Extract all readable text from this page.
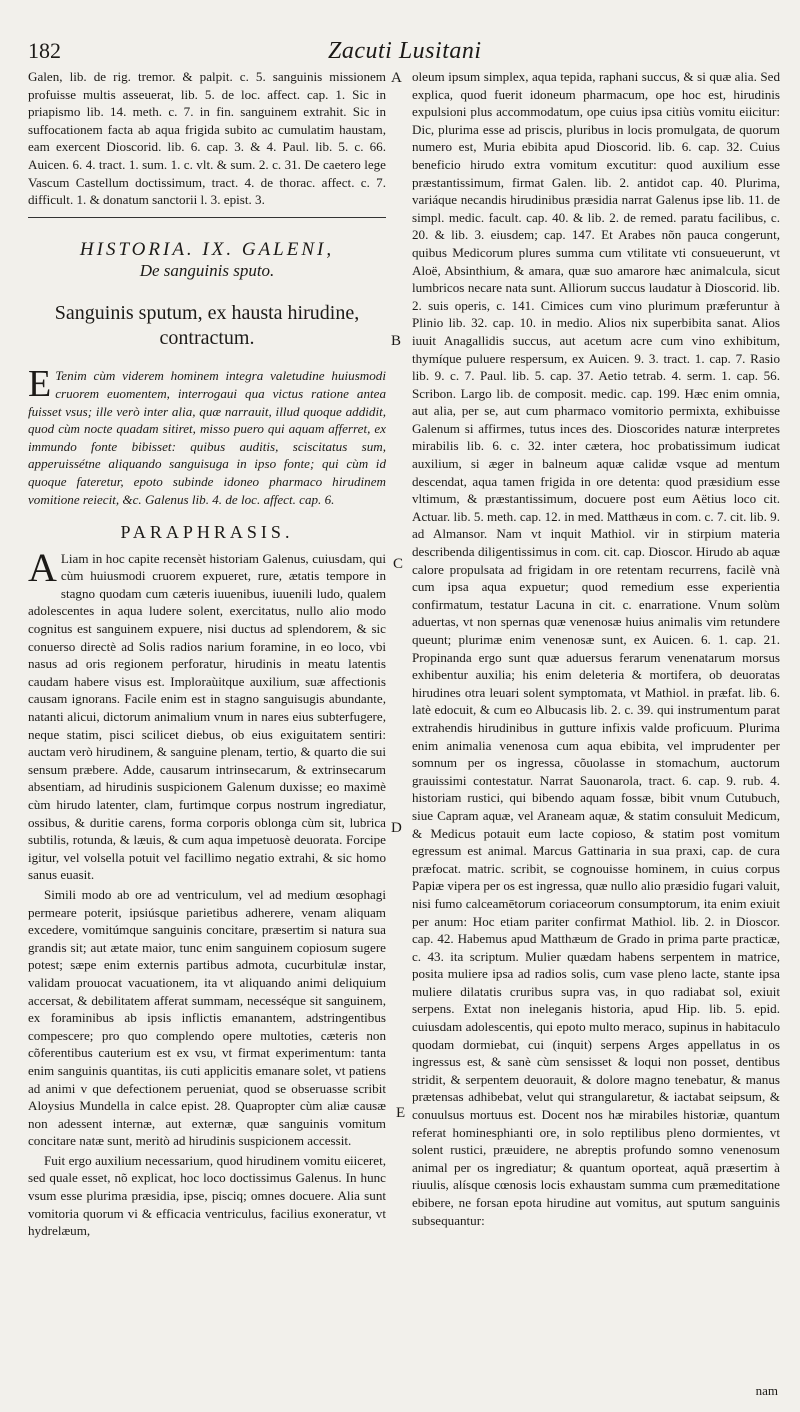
182	Zacuti Lusitani

Galen, lib. de rig. tremor. & palpit. c. 5. sanguinis missionem profuisse multis asseuerat, lib. 5. de loc. affect. cap. 1. Sic in priapismo lib. 14. meth. c. 7. in fin. sanguinem extrahit. Sic in suffocationem facta ab aqua frigida subito ac cumulatim haustam, eam exercent Dioscorid. lib. 6. cap. 3. & 4. Paul. lib. 5. c. 66. Auicen. 6. 4. tract. 1. sum. 1. c. vlt. & sum. 2. c. 31. De caetero lege Vascum Castellum doctissimum, tract. 4. de thorac. affect. c. 7. difficult. 1. & donatum sanctorii l. 3. epist. 3.

HISTORIA. IX. GALENI,
De sanguinis sputo.
Sanguinis sputum, ex hausta hirudine, contractum.

E Tenim cùm viderem hominem integra valetudine huiusmodi cruorem euomentem, interrogaui qua victus ratione antea fuisset vsus; ille verò inter alia, quæ narrauit, illud quoque addidit, quod cùm nocte quadam sitiret, misso puero qui aquam afferret, ex immundo fonte bibisset: quibus auditis, sciscitatus sum, apperuissétne aliquando sanguisuga in ipso fonte; qui cùm id quoque fateretur, epoto subinde idoneo pharmaco hirudinem vomitione reiecit, &c. Galenus lib. 4. de loc. affect. cap. 6.

PARAPHRASIS.

A Liam in hoc capite recensèt historiam Galenus, cuiusdam, qui cùm huiusmodi cruorem expueret, rure, ætatis tempore in stagno quodam cum cæteris iuuenibus, iuuenili ludo, qualem adolescentes in aqua ludere solent, exercitatus, nullo alio modo cognitus est sanguinem expuere, nisi ductus ad splendorem, & sic conuerso directè ad Solis radios narium foramine, in eo loco, vbi nasus ad oris regionem perforatur, hirudinis in meatu latentis caudam habere visus est. Imploraùitque auxilium, suæ affectionis causam ignorans. Facile enim est in stagno sanguisugis abundante, natanti alicui, dictorum animalium vnum in nares eius subterfugere, neque statim, pisci scilicet diebus, ob eius exiguitatem sentiri: auctam verò hirudinem, & sanguine plenam, tertio, & quarto die sui sensum præbere. Adde, causarum intrinsecarum, & extrinsecarum absentiam, ad hirudinis suspicionem Galenum duxisse; eo maximè cùm hirudo latenter, clam, furtimque corpus nostrum ingrediatur, ossibus, & duritie carens, forma corporis oblonga cùm sit, lubrica subtilis, rotunda, & læuis, & cum aqua impetuosè deuorata. Forcipe igitur, vel volsella potuit vel facillimo negatio extrahi, & sic homo sanus euasit.

Simili modo ab ore ad ventriculum, vel ad medium œsophagi permeare poterit, ipsiúsque parietibus adherere, venam aliquam excedere, vomitúmque sanguinis concitare, præsertim si natura sua grandis sit; aut ætate maior, tunc enim sanguinem copiosum sugere potest; sæpe enim externis partibus admota, cucurbitulæ instar, validam prouocat vacuationem, ita vt aliquando animi deliquium accersat, & debilitatem afferat summam, necesséque sit sanguinem, ex foraminibus ab ipsis inflictis emanantem, adstringentibus compescere; pro quo complendo opere multoties, cæteris non cõferentibus cauterium est ex vsu, vt firmat experimentum: tanta enim sanguinis quantitas, iis cuti applicitis emanare solet, vt patiens ad animi v que defectionem perueniat, quod se obseruasse scribit Aloysius Mundella in calce epist. 28. Quapropter cùm aliæ causæ non adessent internæ, aut externæ, quæ sanguinis vomitum concitare natæ sunt, meritò ad hirudinis suspicionem accessit.

Fuit ergo auxilium necessarium, quod hirudinem vomitu eiiceret, sed quale esset, nõ explicat, hoc loco doctissimus Galenus. In hunc vsum esse plurima præsidia, ipse, pisciq; omnes docuere. Alia sunt vomitoria quorum vi & efficacia ventriculus, facilius exoneratur, vt hydrelæum,

A
B
C
D
E

oleum ipsum simplex, aqua tepida, raphani succus, & si quæ alia. Sed explica, quod fuerit idoneum pharmacum, ope hoc est, hirudinis expulsioni plus accommodatum, ope cuius ipsa citiùs vomitu eiicitur: Dic, plurima esse ad priscis, pluribus in locis promulgata, de quorum numero est, Muria ebibita apud Dioscorid. lib. 6. cap. 32. Cuius beneficio hirudo extra vomitum excutitur: quod auxilium esse præstantissimum, firmat Galen. lib. 2. antidot cap. 40. Plurima, variáque necandis hirudinibus præsidia narrat Galenus ipse lib. 11. de simpl. medic. facult. cap. 40. & lib. 2. de remed. paratu facilibus, c. 20. & lib. 3. eiusdem; cap. 147. Et Arabes nõn pauca congerunt, quibus Medicorum plures summa cum vtilitate vti consueuerunt, vt Aloë, Absinthium, & amara, quæ suo amarore hæc animalcula, sicut lumbricos necare nata sunt. Alliorum succus laudatur à Dioscorid. lib. 2. suis operis, c. 141. Cimices cum vino plurimum præferuntur à Plinio lib. 32. cap. 10. in medio. Alios nix superbibita sanat. Alios iuuit Anagallidis succus, aut acetum acre cum vino exhibitum, thymíque puluere respersum, ex Auicen. 9. 3. tract. 1. cap. 7. Rasio lib. 9. c. 7. Paul. lib. 5. cap. 37. Aetio tetrab. 4. serm. 1. cap. 56. Scribon. Largo lib. de composit. medic. cap. 199. Hæc enim omnia, aut alia, per se, aut cum pharmaco vomitorio permixta, exhibuisse Galenum si affirmes, tutus inces des. Dioscorides naturæ interpretes mirabilis lib. 6. c. 32. inter cætera, hoc probatissimum iudicat auxilium, si æger in balneum aquæ calidæ vsque ad mentum descendat, aqua tamen frigida in ore detenta: quod præsidium esse vltimum, & præstantissimum, docuere post eum Aëtius loco cit. Actuar. lib. 5. meth. cap. 12. in med. Matthæus in com. c. 7. cit. lib. 9. ad Almansor. Nam vt inquit Mathiol. vir in stirpium materia describenda diligentissimus in com. cit. cap. Dioscor. Hirudo ab aquæ calore propulsata ad frigidam in ore retentam recurrens, facilè vnà cum ipsa aqua expuetur; quod remedium esse experientia confirmatum, testatur Lacuna in cit. c. enarratione. Vnum solùm aduertas, vt non spernas quæ venenosæ huius animalis vim retundere queunt; plurimæ enim venenosæ sunt, ex Auicen. 6. 1. cap. 21. Propinanda ergo sunt quæ aduersus ferarum venenatarum morsus exhibentur auxilia; his enim deleteria & mortifera, ob deuoratas hirudines otra leuari solent symptomata, vt Mathiol. in præfat. lib. 6. latè edocuit, & cum eo Albucasis lib. 2. c. 39. qui instrumentum parat extrahendis hirudinibus in gutture infixis valde proficuum. Plurima enim animalia venenosa cum aqua ebibita, vel imprudenter per somnum per os ingressa, cõuolasse in stomachum, auctorum grauissimi contestatur. Narrat Sauonarola, tract. 6. cap. 9. rub. 4. historiam rustici, qui bibendo aquam fossæ, bibit vnum Cutubuch, siue Capram aquæ, vel Araneam aquæ, & statim consuluit Medicum, & Medicus potauit eum lacte copioso, & statim post vomitum egressum est animal. Marcus Gattinaria in sua praxi, cap. de cura præfocat. matric. scribit, se cognouisse hominem, in cuius corpus Papiæ vipera per os est ingressa, quæ nullo alio præsidio fugari valuit, nisi fumo calceamētorum coriaceorum consumptorum, ita enim exiuit per anum: Hoc etiam pariter confirmat Mathiol. lib. 2. in Dioscor. cap. 42. Habemus apud Matthæum de Grado in prima parte practicæ, c. 43. ita scriptum. Mulier quædam habens serpentem in matrice, posita muliere ipsa ad radios solis, cum vase pleno lacte, stante ipsa muliere dilatatis cruribus supra vas, in quo radiabat sol, exiuit serpens. Extat non ineleganis historia, apud Hip. lib. 5. epid. cuiusdam adolescentis, qui epoto multo meraco, supinus in habitaculo quodam dormiebat, cui (inquit) serpens Arges appellatus in os ingressus est, & sanè cùm sensisset & loqui non posset, dentibus stridit, & serpentem deuorauit, & dolore magno tenebatur, & manus prætensas adhibebat, velut qui strangularetur, & iactabat seipsum, & conuulsus mortuus est. Docent nos hæ mirabiles historiæ, quantum referat hominesphianti ore, in solo reptilibus pleno dormientes, vt solent rustici, præuidere, ne abreptis profundo somno venenosum animal per os ingrediatur; & quantum oporteat, aquã præsertim à riuulis, alísque cœnosis locis exhaustam summa cum præmeditatione ebibere, ne forsan epota hirudine aut vomitus, aut sputum sanguinis subsequantur:

nam
